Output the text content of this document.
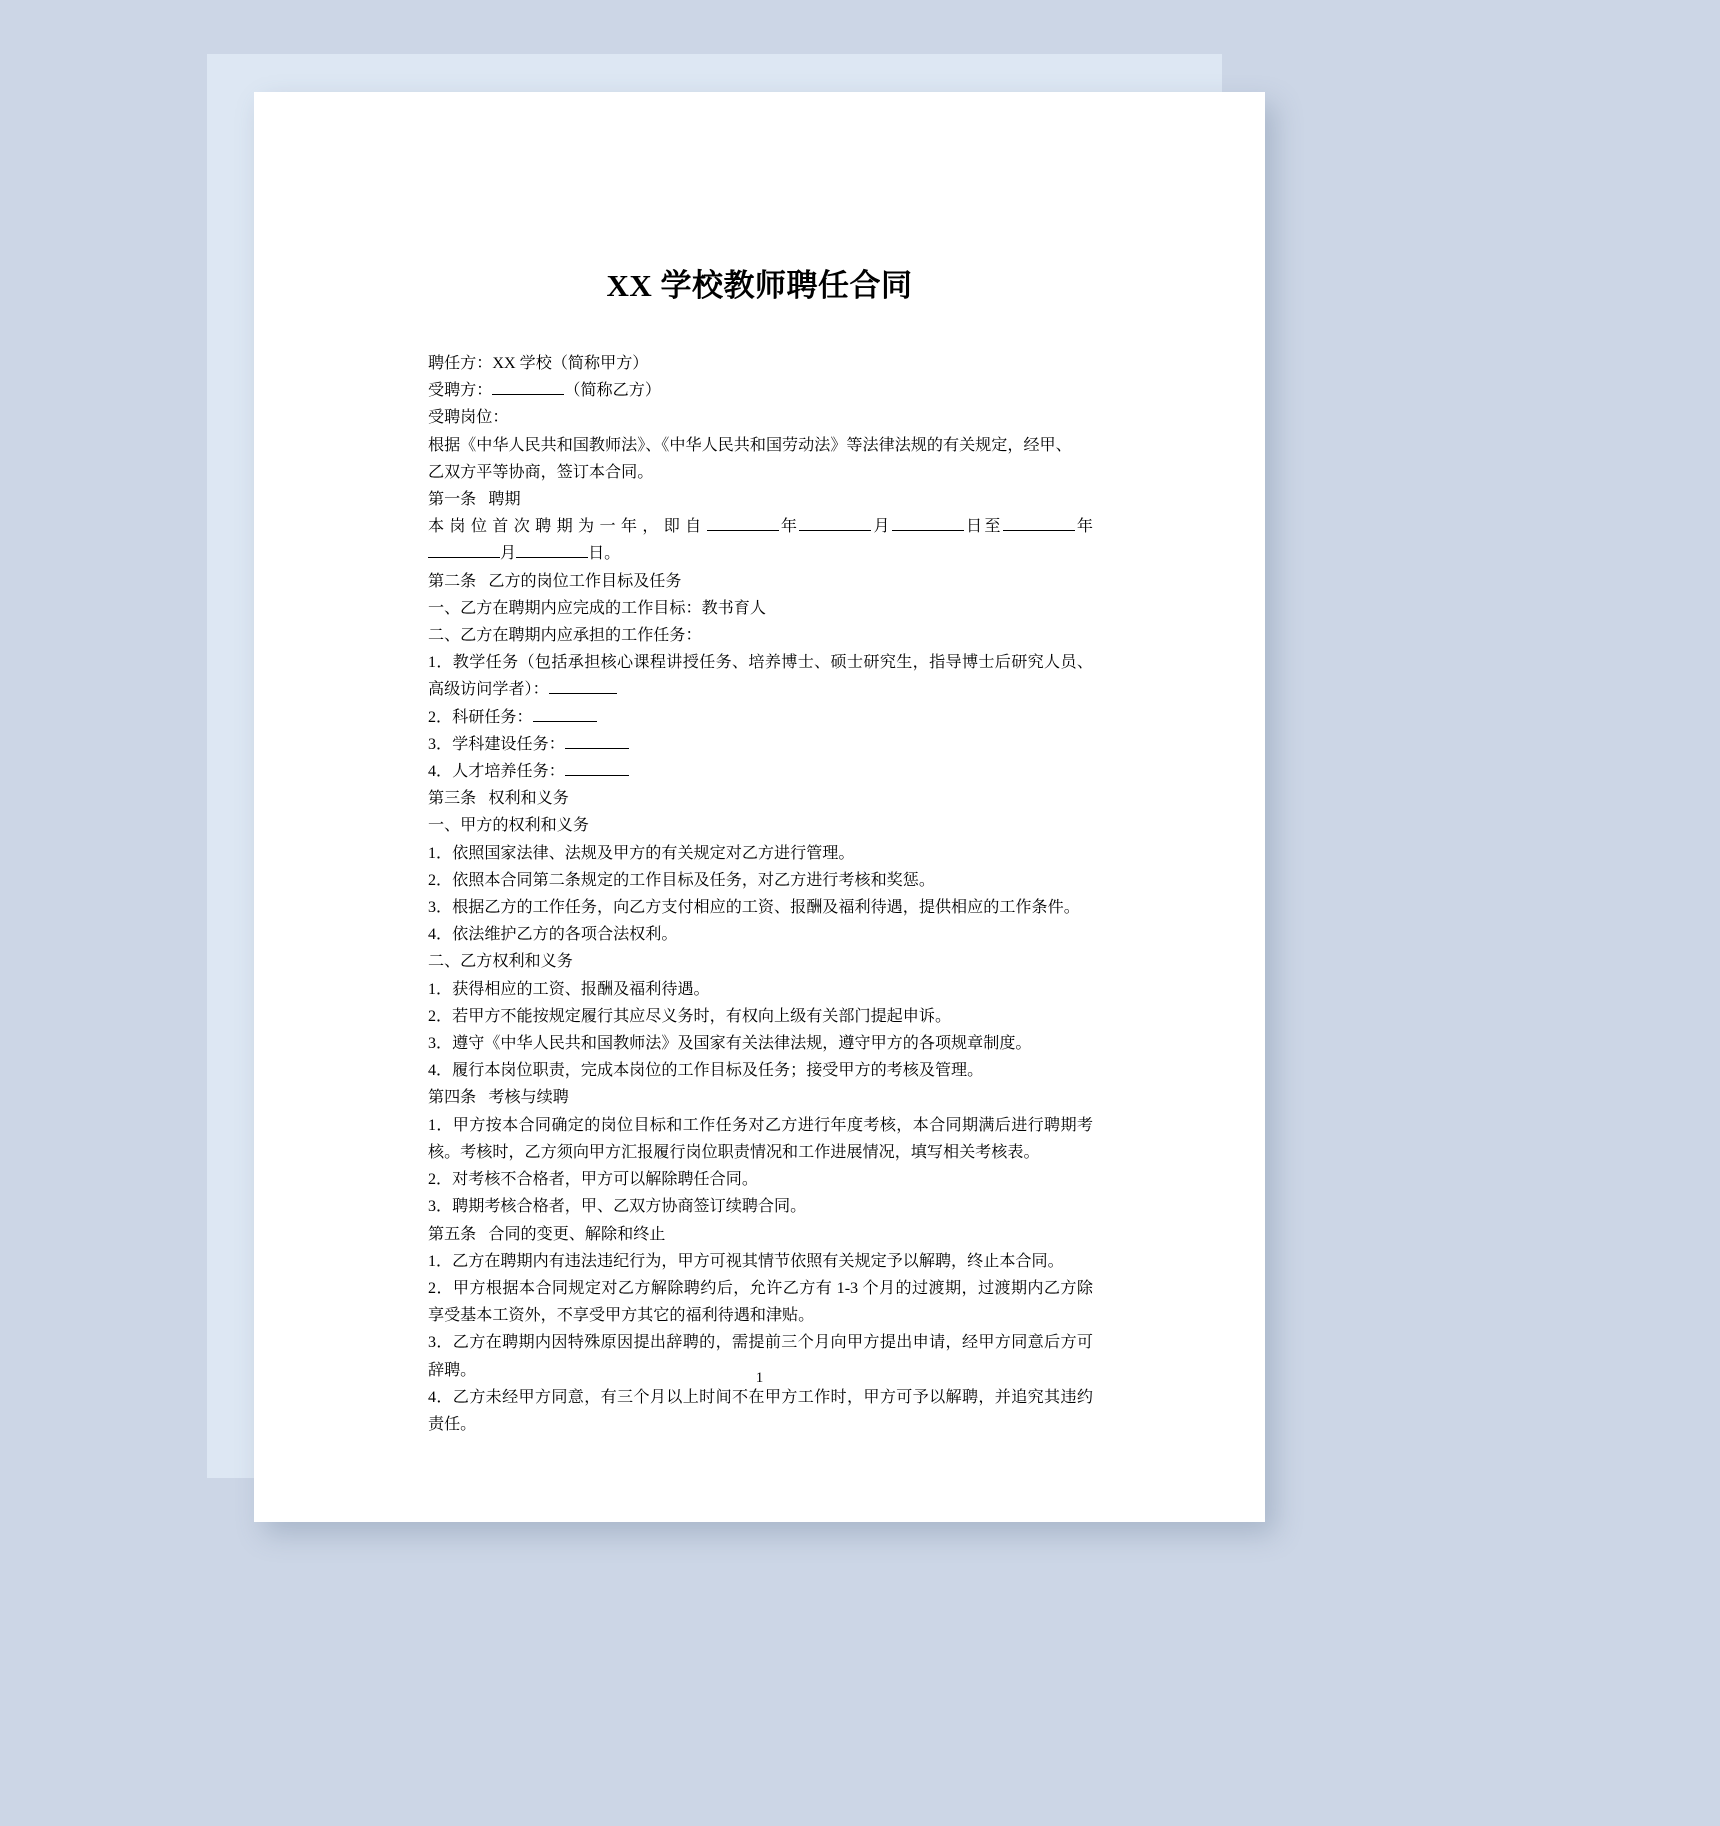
XX 学校教师聘任合同

聘任方：XX 学校（简称甲方）

受聘方：	（简称乙方）

受聘岗位：

根据《中华人民共和国教师法》、《中华人民共和国劳动法》等法律法规的有关规定，经甲、

乙双方平等协商，签订本合同。

第一条 聘期

本岗位首次聘期为一年，即自	年	月	日至	年月	日。

第二条 乙方的岗位工作目标及任务

一、乙方在聘期内应完成的工作目标：教书育人

二、乙方在聘期内应承担的工作任务：

1．教学任务（包括承担核心课程讲授任务、培养博士、硕士研究生，指导博士后研究人员、高级访问学者）：

2．科研任务：

3．学科建设任务：

4．人才培养任务：

第三条 权利和义务

一、甲方的权利和义务

1．依照国家法律、法规及甲方的有关规定对乙方进行管理。

2．依照本合同第二条规定的工作目标及任务，对乙方进行考核和奖惩。

3．根据乙方的工作任务，向乙方支付相应的工资、报酬及福利待遇，提供相应的工作条件。

4．依法维护乙方的各项合法权利。

二、乙方权利和义务

1．获得相应的工资、报酬及福利待遇。

2．若甲方不能按规定履行其应尽义务时，有权向上级有关部门提起申诉。

3．遵守《中华人民共和国教师法》及国家有关法律法规，遵守甲方的各项规章制度。

4．履行本岗位职责，完成本岗位的工作目标及任务；接受甲方的考核及管理。

第四条 考核与续聘

1．甲方按本合同确定的岗位目标和工作任务对乙方进行年度考核，本合同期满后进行聘期考核。考核时，乙方须向甲方汇报履行岗位职责情况和工作进展情况，填写相关考核表。

2．对考核不合格者，甲方可以解除聘任合同。

3．聘期考核合格者，甲、乙双方协商签订续聘合同。

第五条 合同的变更、解除和终止

1．乙方在聘期内有违法违纪行为，甲方可视其情节依照有关规定予以解聘，终止本合同。

2．甲方根据本合同规定对乙方解除聘约后，允许乙方有 1-3 个月的过渡期，过渡期内乙方除享受基本工资外，不享受甲方其它的福利待遇和津贴。

3．乙方在聘期内因特殊原因提出辞聘的，需提前三个月向甲方提出申请，经甲方同意后方可辞聘。

4．乙方未经甲方同意，有三个月以上时间不在甲方工作时，甲方可予以解聘，并追究其违约责任。

1
